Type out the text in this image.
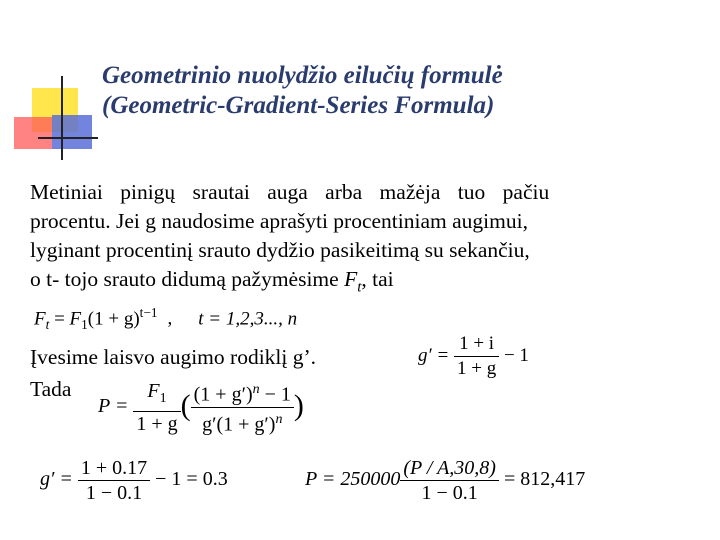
Geometrinio nuolydžio eilučių formulė
(Geometric-Gradient-Series Formula)
Metiniai pinigų srautai auga arba mažėja tuo pačiu
procentu. Jei g naudosime aprašyti procentiniam augimui,
lyginant procentinį srauto dydžio pasikeitimą su sekančiu,
o t- tojo srauto didumą pažymėsime $F_t$, tai
$F_t = F_1(1 + g)^{t-1}$ , t = 1,2,3..., n
Įvesime laisvo augimo rodiklį g’.	$g' = \frac{1 + i}{1 + g} - 1$
Tada
$P = \frac{F_1}{1 + g}$ ( $\frac{(1 + g')^n - 1}{g'(1 + g')^n}$ )
$g' = \frac{1 + 0.17}{1 - 0.1} - 1 = 0.3$	$P = 250000 \frac{(P / A,30,8)}{1 - 0.1} = 812,417$
